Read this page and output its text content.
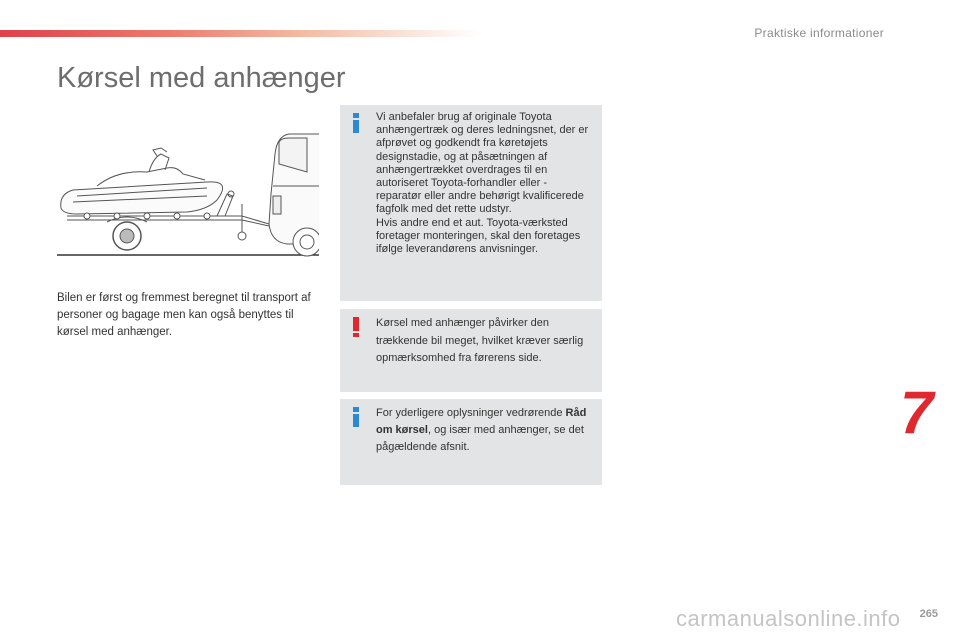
Praktiske informationer
Kørsel med anhænger

Bilen er først og fremmest beregnet til transport af personer og bagage men kan også benyttes til kørsel med anhænger.

Vi anbefaler brug af originale Toyota anhængertræk og deres ledningsnet, der er afprøvet og godkendt fra køretøjets designstadie, og at påsætningen af anhængertrækket overdrages til en autoriseret Toyota-forhandler eller -reparatør eller andre behørigt kvalificerede
fagfolk med det rette udstyr.
Hvis andre end et aut. Toyota-værksted foretager monteringen, skal den foretages ifølge leverandørens anvisninger.

Kørsel med anhænger påvirker den trækkende bil meget, hvilket kræver særlig opmærksomhed fra førerens side.

For yderligere oplysninger vedrørende Råd om kørsel, og især med anhænger, se det pågældende afsnit.

7
265
carmanualsonline.info
